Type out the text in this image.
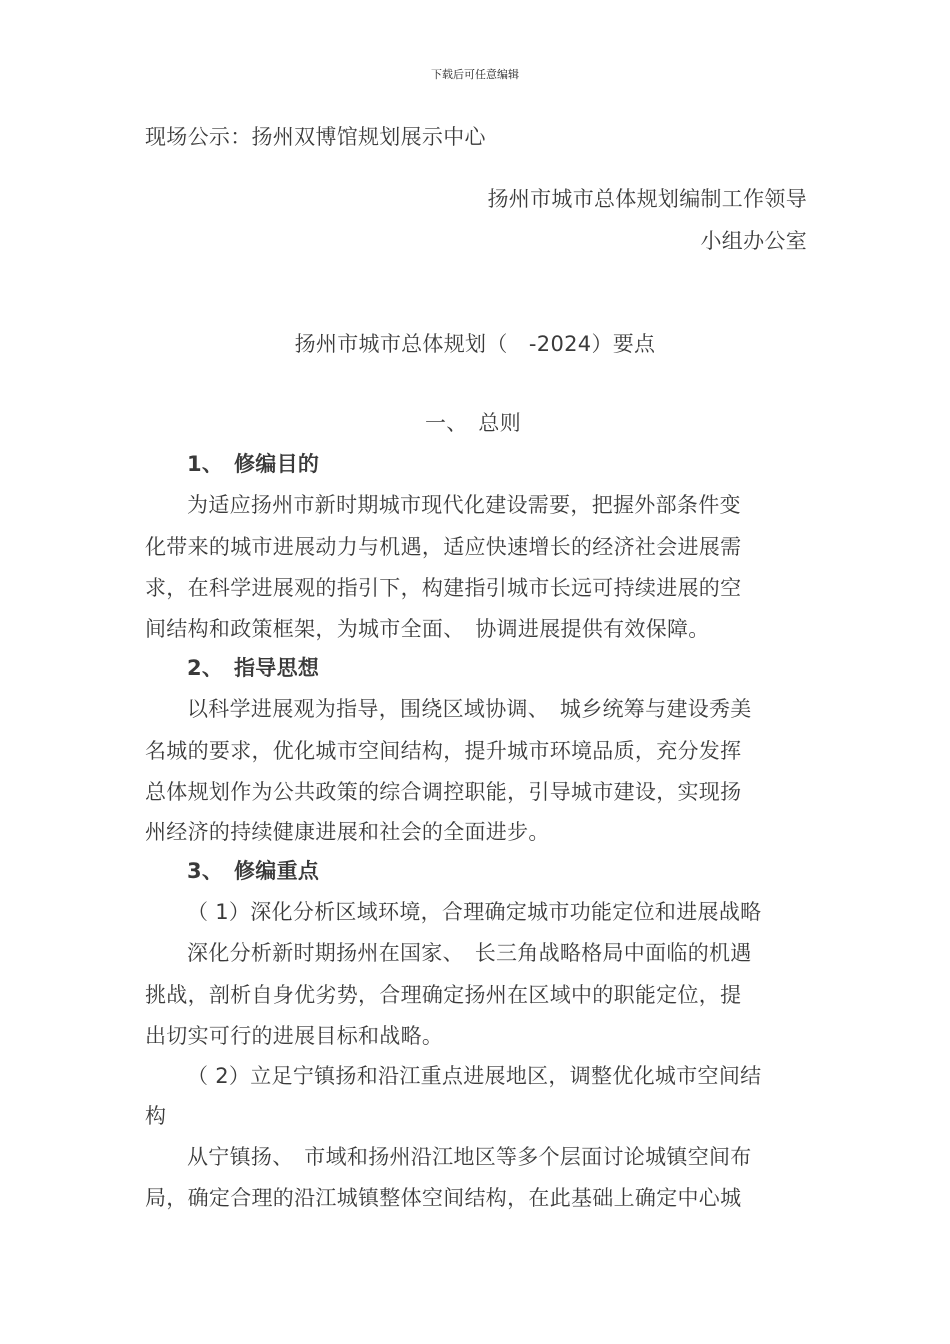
下载后可任意编辑
现场公示：扬州双博馆规划展示中心
扬州市城市总体规划编制工作领导
小组办公室
扬州市城市总体规划（　-2024）要点
一、　总则
1、　修编目的
为适应扬州市新时期城市现代化建设需要，把握外部条件变
化带来的城市进展动力与机遇，适应快速增长的经济社会进展需
求，在科学进展观的指引下，构建指引城市长远可持续进展的空
间结构和政策框架，为城市全面、　协调进展提供有效保障。
2、　指导思想
以科学进展观为指导，围绕区域协调、　城乡统筹与建设秀美
名城的要求，优化城市空间结构，提升城市环境品质，充分发挥
总体规划作为公共政策的综合调控职能，引导城市建设，实现扬
州经济的持续健康进展和社会的全面进步。
3、　修编重点
（ 1）深化分析区域环境，合理确定城市功能定位和进展战略
深化分析新时期扬州在国家、　长三角战略格局中面临的机遇
挑战，剖析自身优劣势，合理确定扬州在区域中的职能定位，提
出切实可行的进展目标和战略。
（ 2）立足宁镇扬和沿江重点进展地区，调整优化城市空间结
构
从宁镇扬、　市域和扬州沿江地区等多个层面讨论城镇空间布
局，确定合理的沿江城镇整体空间结构，在此基础上确定中心城
